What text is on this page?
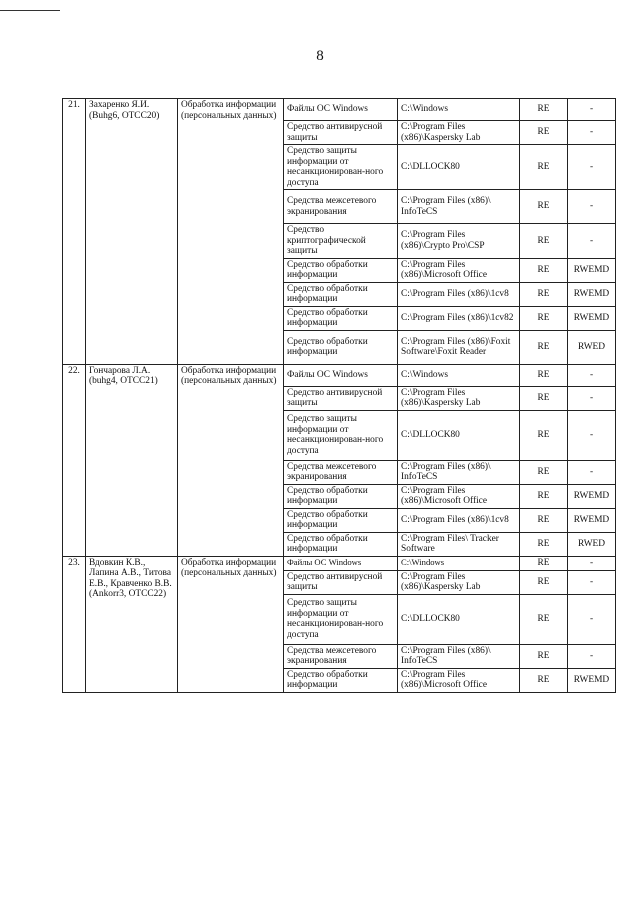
8
21.	Захаренко Я.И. (Buhg6, OTCC20)	Обработка информации (персональных данных)	Файлы ОС Windows	C:\Windows	RE	-
			Средство антивирусной защиты	C:\Program Files (x86)\Kaspersky Lab	RE	-
			Средство защиты информации от несанкционирован-ного доступа	C:\DLLOCK80	RE	-
			Средства межсетевого экранирования	C:\Program Files (x86)\ InfoTeCS	RE	-
			Средство криптографической защиты	C:\Program Files (x86)\Crypto Pro\CSP	RE	-
			Средство обработки информации	C:\Program Files (x86)\Microsoft Office	RE	RWEMD
			Средство обработки информации	C:\Program Files (x86)\1cv8	RE	RWEMD
			Средство обработки информации	C:\Program Files (x86)\1cv82	RE	RWEMD
			Средство обработки информации	C:\Program Files (x86)\Foxit Software\Foxit Reader	RE	RWED
22.	Гончарова Л.А. (buhg4, OTCC21)	Обработка информации (персональных данных)	Файлы ОС Windows	C:\Windows	RE	-
			Средство антивирусной защиты	C:\Program Files (x86)\Kaspersky Lab	RE	-
			Средство защиты информации от несанкционирован-ного доступа	C:\DLLOCK80	RE	-
			Средства межсетевого экранирования	C:\Program Files (x86)\ InfoTeCS	RE	-
			Средство обработки информации	C:\Program Files (x86)\Microsoft Office	RE	RWEMD
			Средство обработки информации	C:\Program Files (x86)\1cv8	RE	RWEMD
			Средство обработки информации	C:\Program Files\ Tracker Software	RE	RWED
23.	Вдовкин К.В., Лапина А.В., Титова Е.В., Кравченко В.В. (Ankorr3, OTCC22)	Обработка информации (персональных данных)	Файлы ОС Windows	C:\Windows	RE	-
			Средство антивирусной защиты	C:\Program Files (x86)\Kaspersky Lab	RE	-
			Средство защиты информации от несанкционирован-ного доступа	C:\DLLOCK80	RE	-
			Средства межсетевого экранирования	C:\Program Files (x86)\ InfoTeCS	RE	-
			Средство обработки информации	C:\Program Files (x86)\Microsoft Office	RE	RWEMD
